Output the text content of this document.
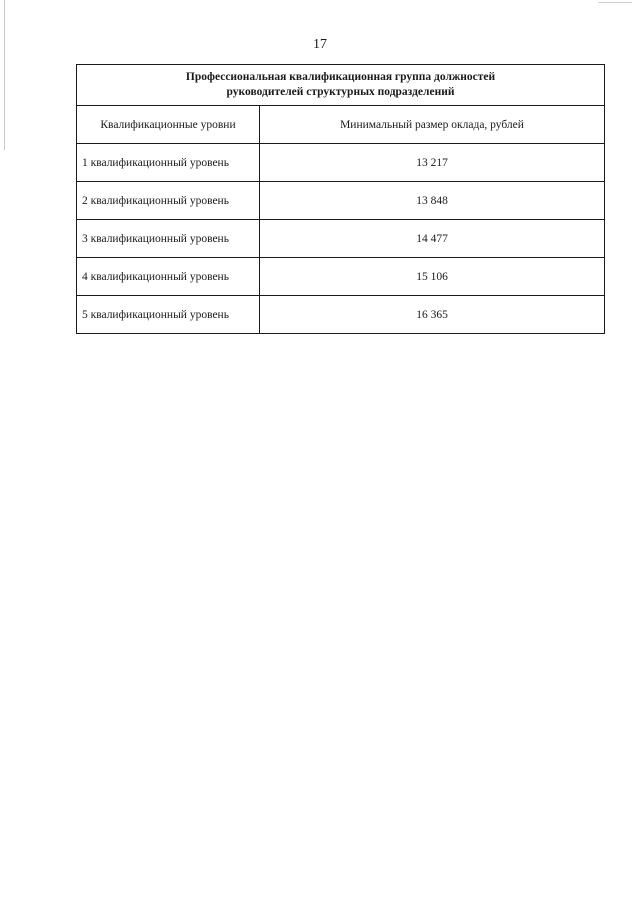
17
Профессиональная квалификационная группа должностей
руководителей структурных подразделений	

Квалификационные уровни	Минимальный размер оклада, рублей
1 квалификационный уровень	13 217
2 квалификационный уровень	13 848
3 квалификационный уровень	14 477
4 квалификационный уровень	15 106
5 квалификационный уровень	16 365
